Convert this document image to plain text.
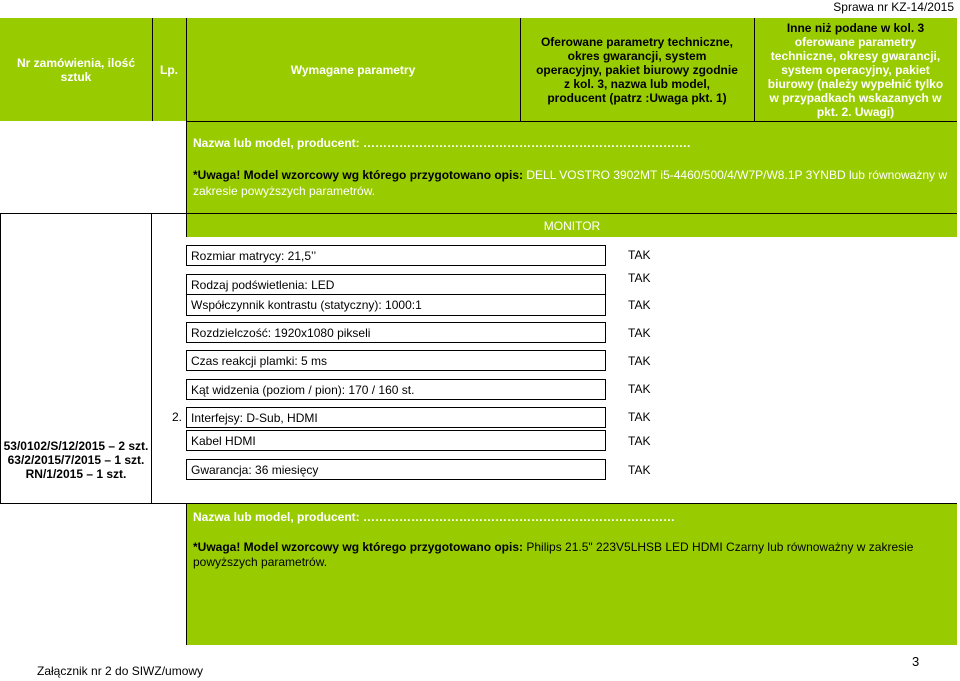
Sprawa nr KZ-14/2015
Nr zamówienia, ilość sztuk	Lp.	Wymagane parametry
Oferowane parametry techniczne, okres gwarancji, system operacyjny, pakiet biurowy zgodnie z kol. 3, nazwa lub model, producent (patrz :Uwaga pkt. 1)
Inne niż podane w kol. 3
oferowane parametry techniczne, okresy gwarancji, system operacyjny, pakiet biurowy (należy wypełnić tylko w przypadkach wskazanych w pkt. 2. Uwagi)
Nazwa lub model, producent: ……………………………………………………………………….
*Uwaga! Model wzorcowy wg którego przygotowano opis: DELL VOSTRO 3902MT i5-4460/500/4/W7P/W8.1P 3YNBD lub równoważny w zakresie powyższych parametrów.
MONITOR
53/0102/S/12/2015 – 2 szt.
63/2/2015/7/2015 – 1 szt.
RN/1/2015 – 1 szt.
2.
Rozmiar matrycy: 21,5’’
Rodzaj podświetlenia: LED
Współczynnik kontrastu (statyczny): 1000:1
Rozdzielczość: 1920x1080 pikseli
Czas reakcji plamki: 5 ms
Kąt widzenia (poziom / pion): 170 / 160 st.
Interfejsy: D-Sub, HDMI
Kabel HDMI
Gwarancja: 36 miesięcy
TAK
TAK
TAK
TAK
TAK
TAK
TAK
TAK
TAK
Nazwa lub model, producent: ……………………………………………………………………
*Uwaga! Model wzorcowy wg którego przygotowano opis: Philips 21.5" 223V5LHSB LED HDMI Czarny lub równoważny w zakresie powyższych parametrów.
Załącznik nr 2 do SIWZ/umowy
3
